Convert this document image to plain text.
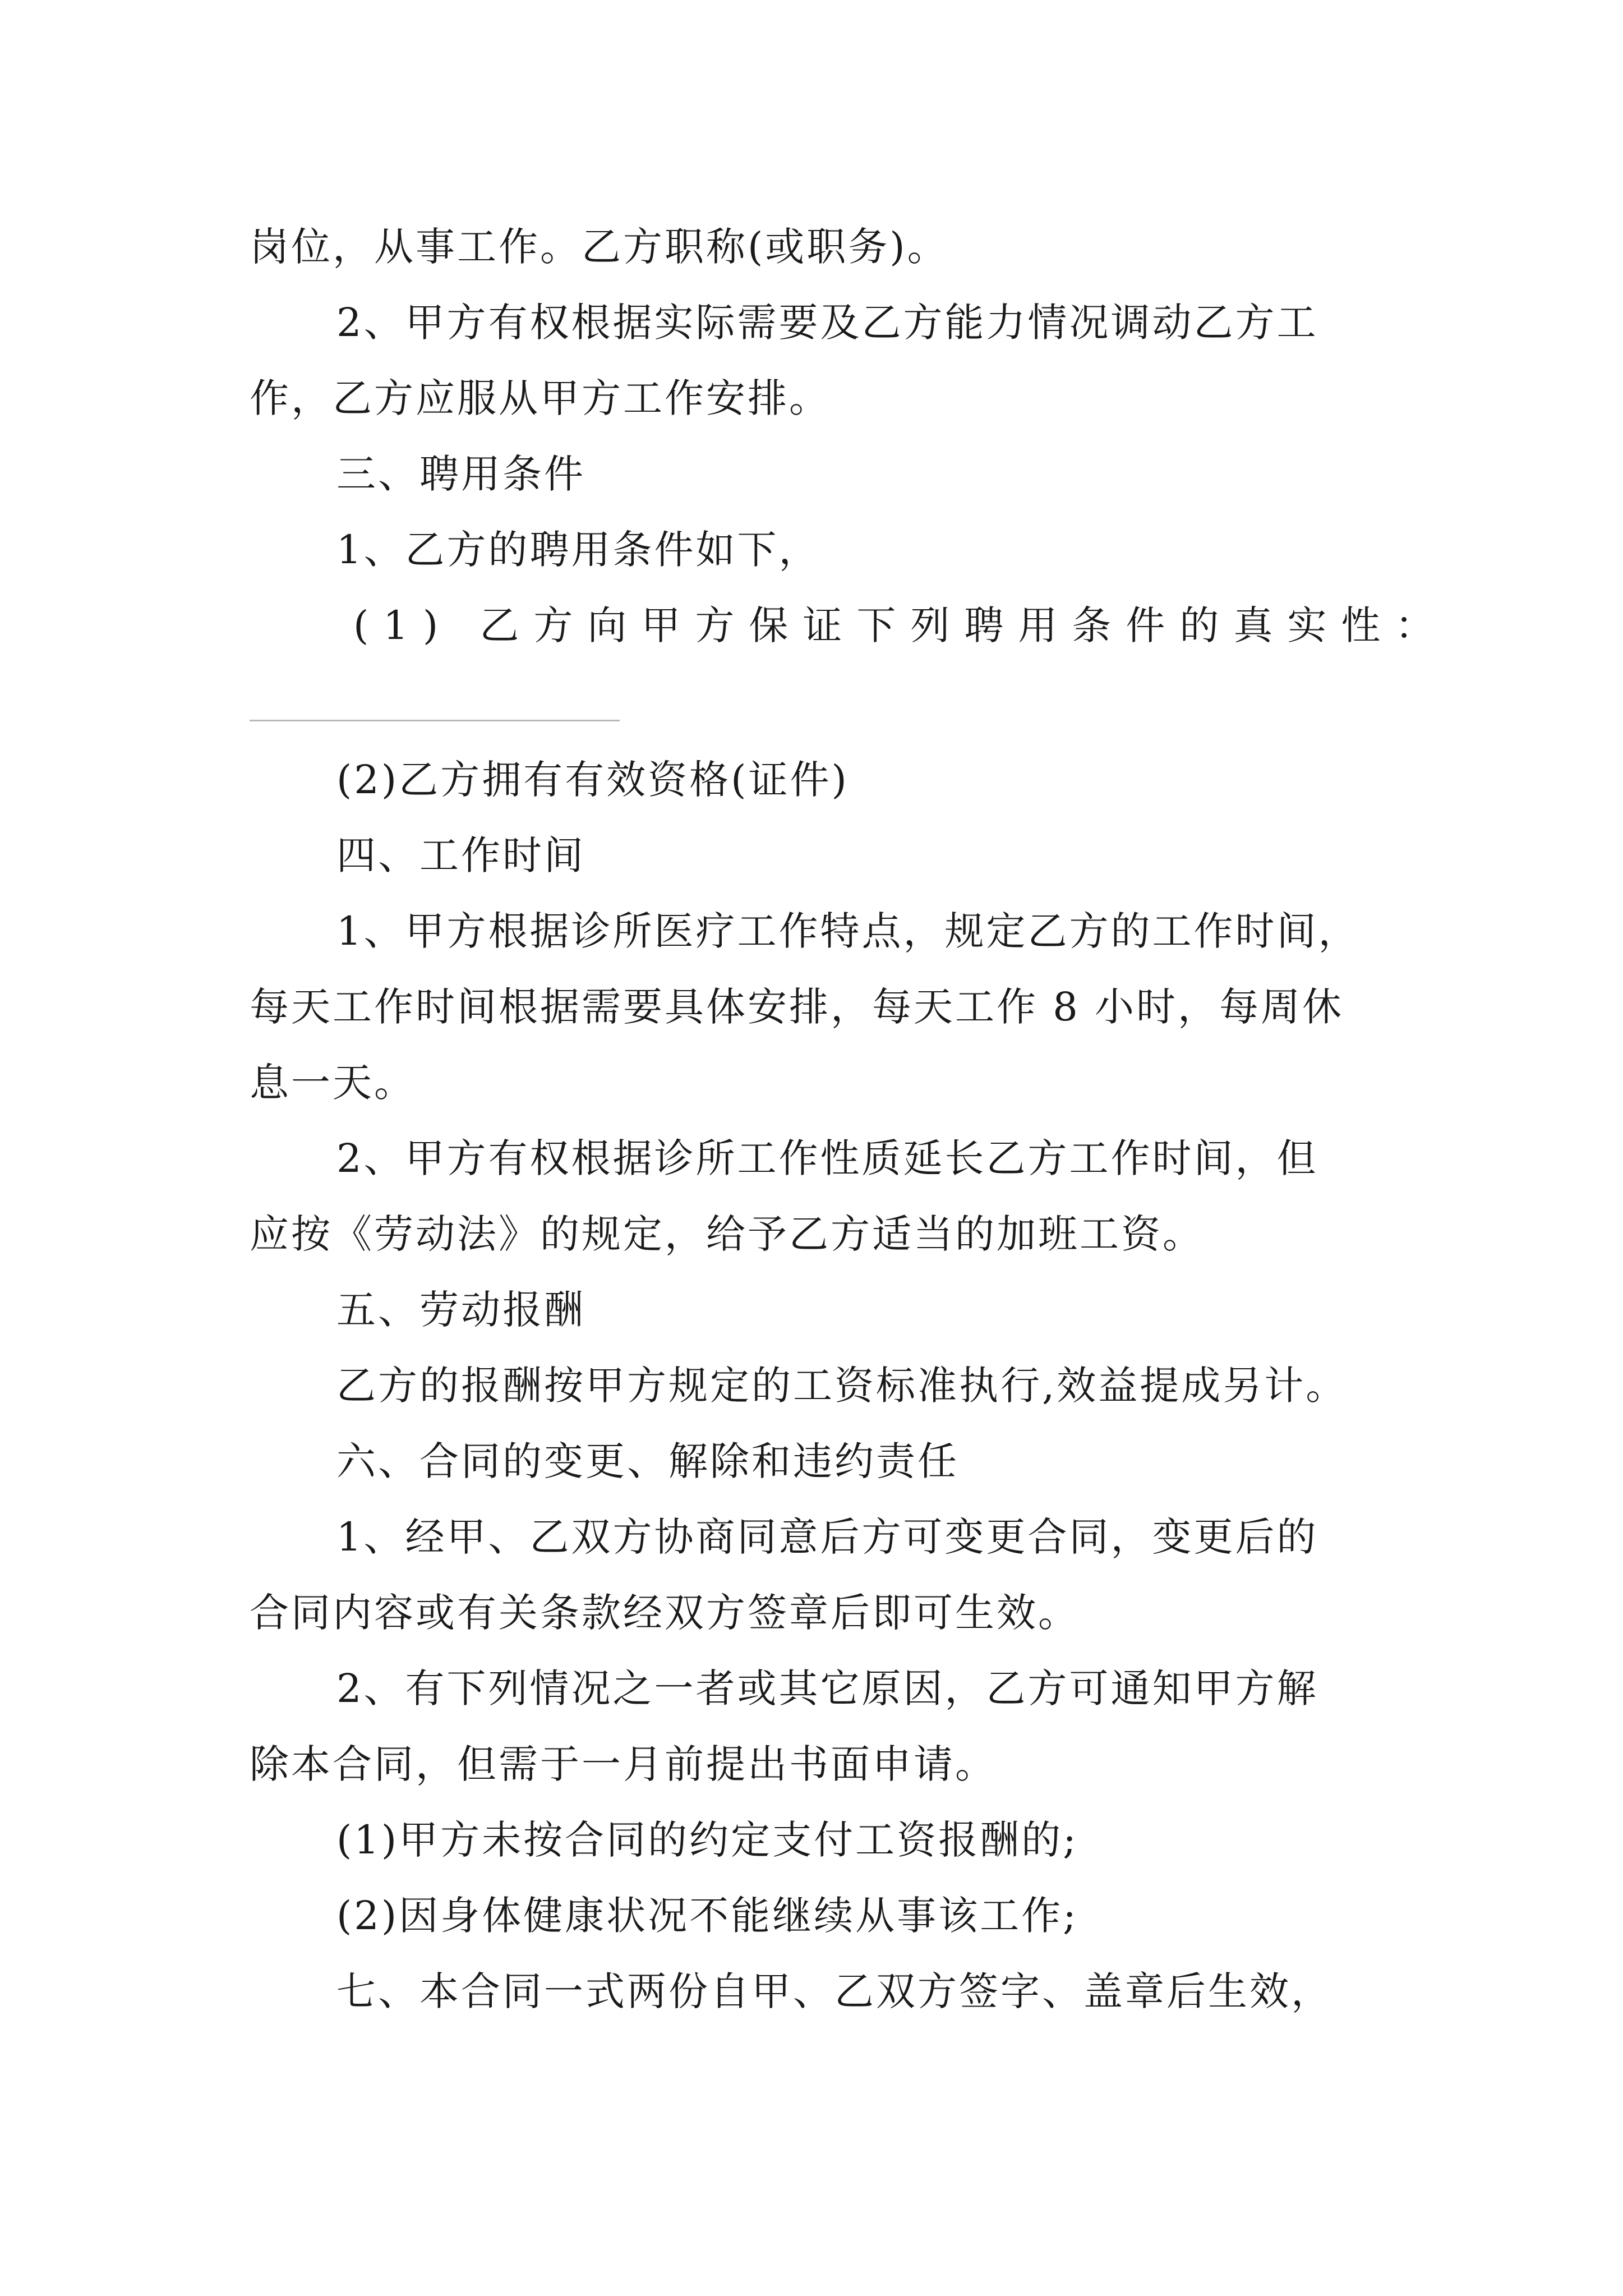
岗位，从事工作。乙方职称(或职务)。
2、甲方有权根据实际需要及乙方能力情况调动乙方工
作，乙方应服从甲方工作安排。
三、聘用条件
1、乙方的聘用条件如下，
(1) 乙方向甲方保证下列聘用条件的真实性：
(2)乙方拥有有效资格(证件)
四、工作时间
1、甲方根据诊所医疗工作特点，规定乙方的工作时间，
每天工作时间根据需要具体安排，每天工作 8 小时，每周休
息一天。
2、甲方有权根据诊所工作性质延长乙方工作时间，但
应按《劳动法》的规定，给予乙方适当的加班工资。
五、劳动报酬
乙方的报酬按甲方规定的工资标准执行,效益提成另计。
六、合同的变更、解除和违约责任
1、经甲、乙双方协商同意后方可变更合同，变更后的
合同内容或有关条款经双方签章后即可生效。
2、有下列情况之一者或其它原因，乙方可通知甲方解
除本合同，但需于一月前提出书面申请。
(1)甲方未按合同的约定支付工资报酬的;
(2)因身体健康状况不能继续从事该工作;
七、本合同一式两份自甲、乙双方签字、盖章后生效，
